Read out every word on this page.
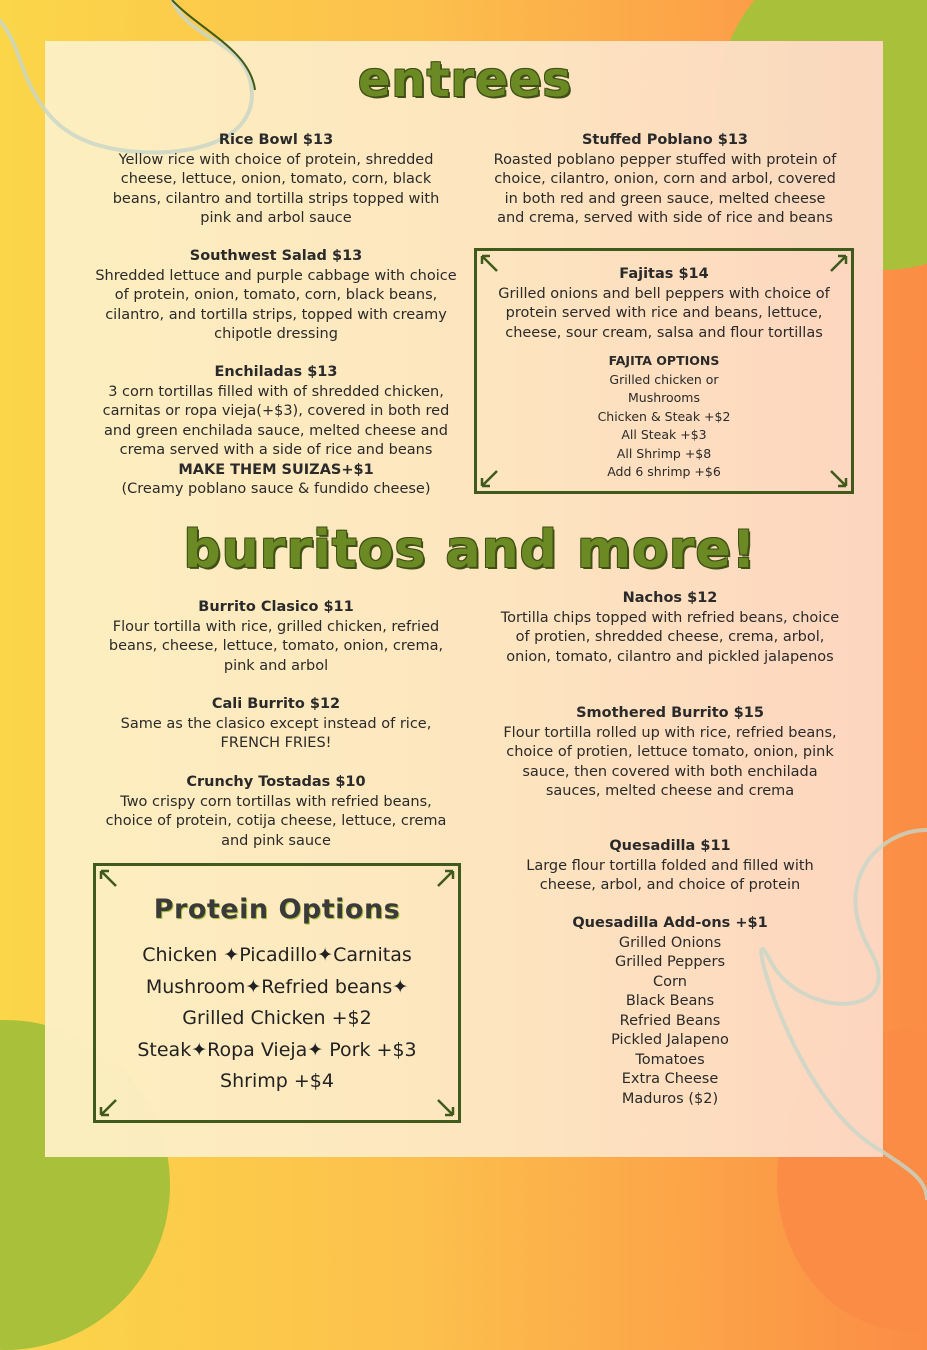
entrees
Rice Bowl $13
Yellow rice with choice of protein, shredded cheese, lettuce, onion, tomato, corn, black beans, cilantro and tortilla strips topped with pink and arbol sauce
Southwest Salad $13
Shredded lettuce and purple cabbage with choice of protein, onion, tomato, corn, black beans, cilantro, and tortilla strips, topped with creamy chipotle dressing
Enchiladas $13
3 corn tortillas filled with of shredded chicken, carnitas or ropa vieja(+$3), covered in both red and green enchilada sauce, melted cheese and crema served with a side of rice and beans
MAKE THEM SUIZAS+$1
(Creamy poblano sauce & fundido cheese)
Stuffed Poblano $13
Roasted poblano pepper stuffed with protein of choice, cilantro, onion, corn and arbol, covered in both red and green sauce, melted cheese and crema, served with side of rice and beans
Fajitas $14
Grilled onions and bell peppers with choice of protein served with rice and beans, lettuce, cheese, sour cream, salsa and flour tortillas
FAJITA OPTIONS
Grilled chicken or
Mushrooms
Chicken & Steak +$2
All Steak +$3
All Shrimp +$8
Add 6 shrimp +$6
burritos and more!
Burrito Clasico $11
Flour tortilla with rice, grilled chicken, refried beans, cheese, lettuce, tomato, onion, crema, pink and arbol
Cali Burrito $12
Same as the clasico except instead of rice, FRENCH FRIES!
Crunchy Tostadas $10
Two crispy corn tortillas with refried beans, choice of protein, cotija cheese, lettuce, crema and pink sauce
Nachos $12
Tortilla chips topped with refried beans, choice of protien, shredded cheese, crema, arbol, onion, tomato, cilantro and pickled jalapenos
Smothered Burrito $15
Flour tortilla rolled up with rice, refried beans, choice of protien, lettuce tomato, onion, pink sauce, then covered with both enchilada sauces, melted cheese and crema
Quesadilla $11
Large flour tortilla folded and filled with cheese, arbol, and choice of protein
Quesadilla Add-ons +$1
Grilled Onions
Grilled Peppers
Corn
Black Beans
Refried Beans
Pickled Jalapeno
Tomatoes
Extra Cheese
Maduros ($2)
Protein Options
Chicken ✦Picadillo✦Carnitas
Mushroom✦Refried beans✦
Grilled Chicken +$2
Steak✦Ropa Vieja✦ Pork +$3
Shrimp +$4
